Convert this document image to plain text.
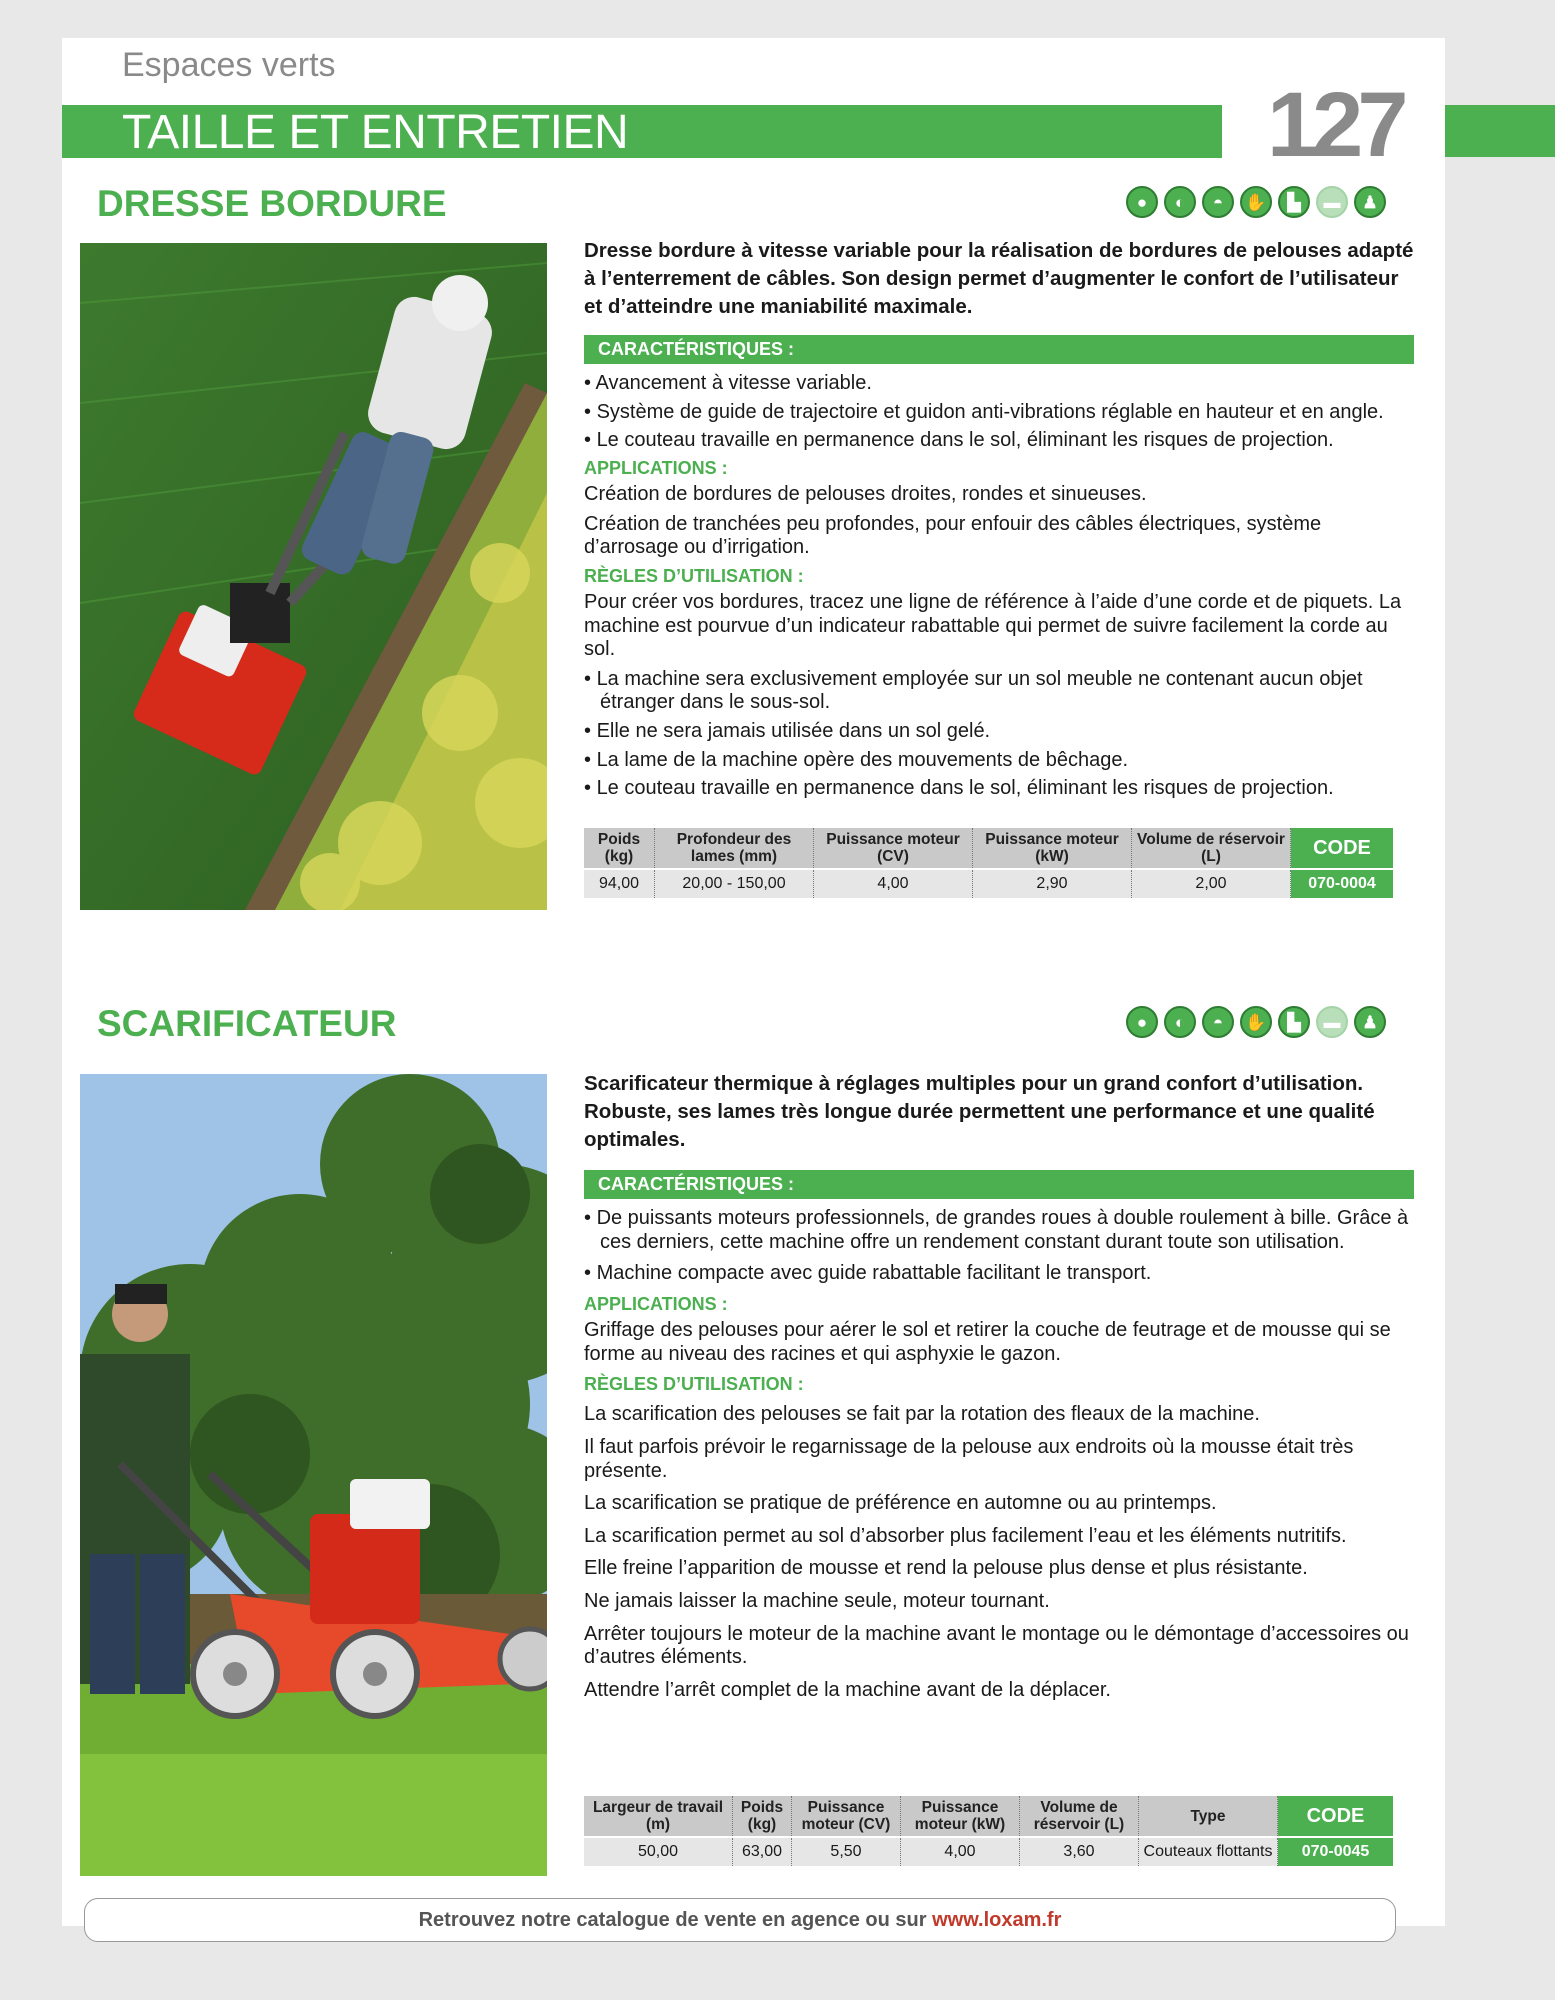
Espaces verts
TAILLE ET ENTRETIEN	127
DRESSE BORDURE	●	◐	◓	✋	▙	▬	♟

Dresse bordure à vitesse variable pour la réalisation de bordures de pelouses adapté à l’enterrement de câbles. Son design permet d’augmenter le confort de l’utilisateur et d’atteindre une maniabilité maximale.

CARACTÉRISTIQUES :
• Avancement à vitesse variable.
• Système de guide de trajectoire et guidon anti-vibrations réglable en hauteur et en angle.
• Le couteau travaille en permanence dans le sol, éliminant les risques de projection.
APPLICATIONS :
Création de bordures de pelouses droites, rondes et sinueuses.
Création de tranchées peu profondes, pour enfouir des câbles électriques, système d’arrosage ou d’irrigation.
RÈGLES D’UTILISATION :
Pour créer vos bordures, tracez une ligne de référence à l’aide d’une corde et de piquets. La machine est pourvue d’un indicateur rabattable qui permet de suivre facilement la corde au sol.
• La machine sera exclusivement employée sur un sol meuble ne contenant aucun objet étranger dans le sous-sol.
• Elle ne sera jamais utilisée dans un sol gelé.
• La lame de la machine opère des mouvements de bêchage.
• Le couteau travaille en permanence dans le sol, éliminant les risques de projection.
Poids (kg)	Profondeur des lames (mm)	Puissance moteur (CV)	Puissance moteur (kW)	Volume de réservoir (L)	CODE
94,00	20,00 - 150,00	4,00	2,90	2,00	070-0004
SCARIFICATEUR	●	◐	◓	✋	▙	▬	♟

Scarificateur thermique à réglages multiples pour un grand confort d’utilisation. Robuste, ses lames très longue durée permettent une performance et une qualité optimales.

CARACTÉRISTIQUES :
• De puissants moteurs professionnels, de grandes roues à double roulement à bille. Grâce à ces derniers, cette machine offre un rendement constant durant toute son utilisation.
• Machine compacte avec guide rabattable facilitant le transport.
APPLICATIONS :
Griffage des pelouses pour aérer le sol et retirer la couche de feutrage et de mousse qui se forme au niveau des racines et qui asphyxie le gazon.
RÈGLES D’UTILISATION :
La scarification des pelouses se fait par la rotation des fleaux de la machine.
Il faut parfois prévoir le regarnissage de la pelouse aux endroits où la mousse était très présente.
La scarification se pratique de préférence en automne ou au printemps.
La scarification permet au sol d’absorber plus facilement l’eau et les éléments nutritifs.
Elle freine l’apparition de mousse et rend la pelouse plus dense et plus résistante.
Ne jamais laisser la machine seule, moteur tournant.
Arrêter toujours le moteur de la machine avant le montage ou le démontage d’accessoires ou d’autres éléments.
Attendre l’arrêt complet de la machine avant de la déplacer.
Largeur de travail (m)	Poids (kg)	Puissance moteur (CV)	Puissance moteur (kW)	Volume de réservoir (L)	Type	CODE
50,00	63,00	5,50	4,00	3,60	Couteaux flottants	070-0045
Retrouvez notre catalogue de vente en agence ou sur www.loxam.fr
